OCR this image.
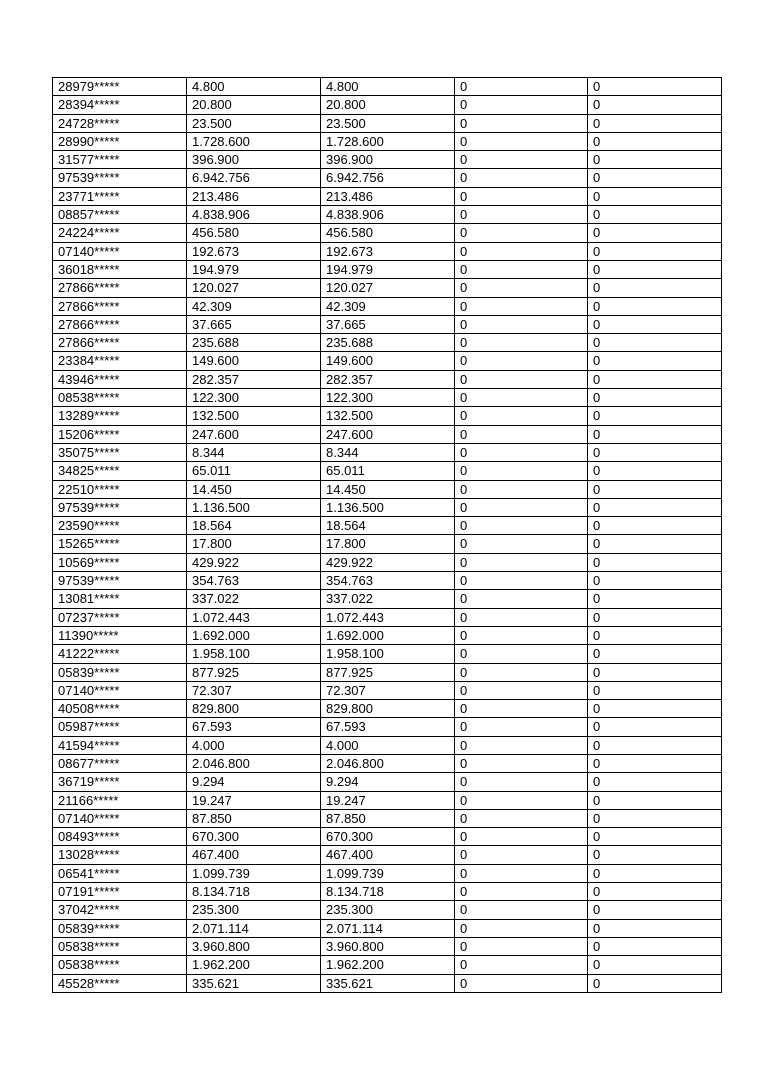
28979*****	4.800	4.800	0	0
28394*****	20.800	20.800	0	0
24728*****	23.500	23.500	0	0
28990*****	1.728.600	1.728.600	0	0
31577*****	396.900	396.900	0	0
97539*****	6.942.756	6.942.756	0	0
23771*****	213.486	213.486	0	0
08857*****	4.838.906	4.838.906	0	0
24224*****	456.580	456.580	0	0
07140*****	192.673	192.673	0	0
36018*****	194.979	194.979	0	0
27866*****	120.027	120.027	0	0
27866*****	42.309	42.309	0	0
27866*****	37.665	37.665	0	0
27866*****	235.688	235.688	0	0
23384*****	149.600	149.600	0	0
43946*****	282.357	282.357	0	0
08538*****	122.300	122.300	0	0
13289*****	132.500	132.500	0	0
15206*****	247.600	247.600	0	0
35075*****	8.344	8.344	0	0
34825*****	65.011	65.011	0	0
22510*****	14.450	14.450	0	0
97539*****	1.136.500	1.136.500	0	0
23590*****	18.564	18.564	0	0
15265*****	17.800	17.800	0	0
10569*****	429.922	429.922	0	0
97539*****	354.763	354.763	0	0
13081*****	337.022	337.022	0	0
07237*****	1.072.443	1.072.443	0	0
11390*****	1.692.000	1.692.000	0	0
41222*****	1.958.100	1.958.100	0	0
05839*****	877.925	877.925	0	0
07140*****	72.307	72.307	0	0
40508*****	829.800	829.800	0	0
05987*****	67.593	67.593	0	0
41594*****	4.000	4.000	0	0
08677*****	2.046.800	2.046.800	0	0
36719*****	9.294	9.294	0	0
21166*****	19.247	19.247	0	0
07140*****	87.850	87.850	0	0
08493*****	670.300	670.300	0	0
13028*****	467.400	467.400	0	0
06541*****	1.099.739	1.099.739	0	0
07191*****	8.134.718	8.134.718	0	0
37042*****	235.300	235.300	0	0
05839*****	2.071.114	2.071.114	0	0
05838*****	3.960.800	3.960.800	0	0
05838*****	1.962.200	1.962.200	0	0
45528*****	335.621	335.621	0	0
